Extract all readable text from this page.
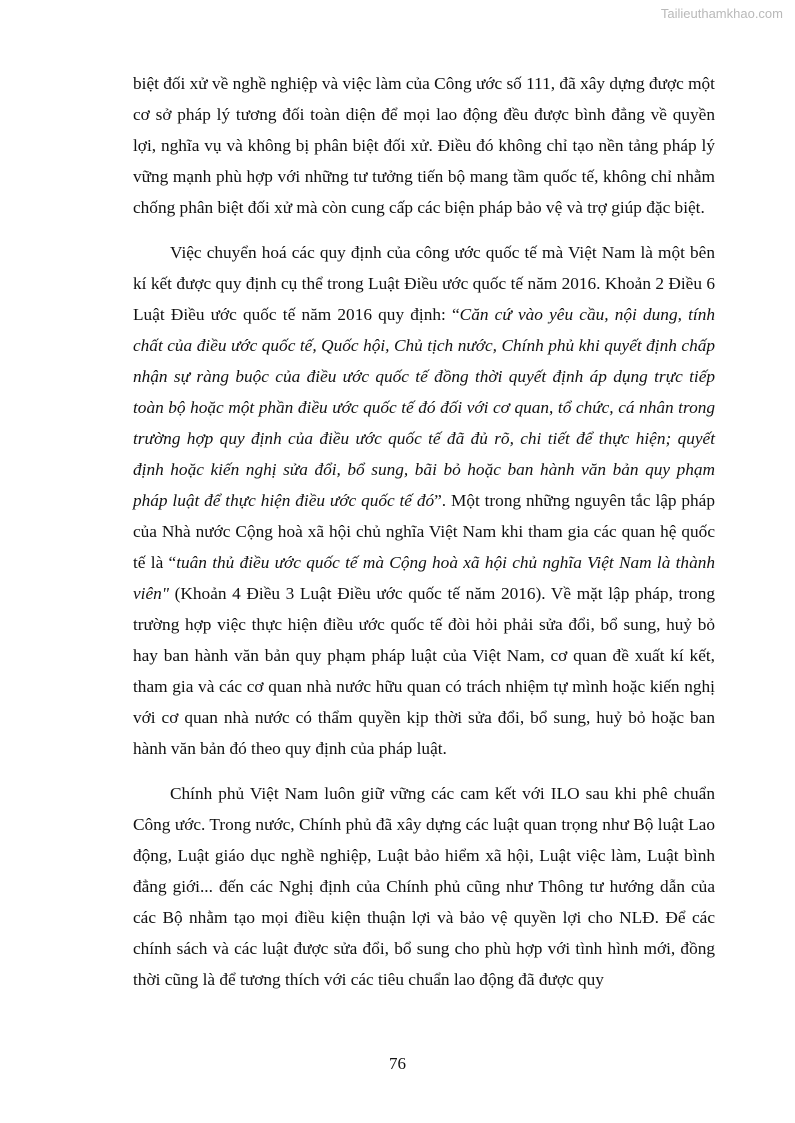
Tailieuthamkhao.com

biệt đối xử về nghề nghiệp và việc làm của Công ước số 111, đã xây dựng được một cơ sở pháp lý tương đối toàn diện để mọi lao động đều được bình đẳng về quyền lợi, nghĩa vụ và không bị phân biệt đối xử. Điều đó không chỉ tạo nền tảng pháp lý vững mạnh phù hợp với những tư tưởng tiến bộ mang tầm quốc tế, không chỉ nhằm chống phân biệt đối xử mà còn cung cấp các biện pháp bảo vệ và trợ giúp đặc biệt.

Việc chuyển hoá các quy định của công ước quốc tế mà Việt Nam là một bên kí kết được quy định cụ thể trong Luật Điều ước quốc tế năm 2016. Khoản 2 Điều 6 Luật Điều ước quốc tế năm 2016 quy định: “Căn cứ vào yêu cầu, nội dung, tính chất của điều ước quốc tế, Quốc hội, Chủ tịch nước, Chính phủ khi quyết định chấp nhận sự ràng buộc của điều ước quốc tế đồng thời quyết định áp dụng trực tiếp toàn bộ hoặc một phần điều ước quốc tế đó đối với cơ quan, tổ chức, cá nhân trong trường hợp quy định của điều ước quốc tế đã đủ rõ, chi tiết để thực hiện; quyết định hoặc kiến nghị sửa đổi, bổ sung, bãi bỏ hoặc ban hành văn bản quy phạm pháp luật để thực hiện điều ước quốc tế đó”. Một trong những nguyên tắc lập pháp của Nhà nước Cộng hoà xã hội chủ nghĩa Việt Nam khi tham gia các quan hệ quốc tế là “tuân thủ điều ước quốc tế mà Cộng hoà xã hội chủ nghĩa Việt Nam là thành viên" (Khoản 4 Điều 3 Luật Điều ước quốc tế năm 2016). Về mặt lập pháp, trong trường hợp việc thực hiện điều ước quốc tế đòi hỏi phải sửa đổi, bổ sung, huỷ bỏ hay ban hành văn bản quy phạm pháp luật của Việt Nam, cơ quan đề xuất kí kết, tham gia và các cơ quan nhà nước hữu quan có trách nhiệm tự mình hoặc kiến nghị với cơ quan nhà nước có thẩm quyền kịp thời sửa đổi, bổ sung, huỷ bỏ hoặc ban hành văn bản đó theo quy định của pháp luật.

Chính phủ Việt Nam luôn giữ vững các cam kết với ILO sau khi phê chuẩn Công ước. Trong nước, Chính phủ đã xây dựng các luật quan trọng như Bộ luật Lao động, Luật giáo dục nghề nghiệp, Luật bảo hiểm xã hội, Luật việc làm, Luật bình đẳng giới... đến các Nghị định của Chính phủ cũng như Thông tư hướng dẫn của các Bộ nhằm tạo mọi điều kiện thuận lợi và bảo vệ quyền lợi cho NLĐ. Để các chính sách và các luật được sửa đổi, bổ sung cho phù hợp với tình hình mới, đồng thời cũng là để tương thích với các tiêu chuẩn lao động đã được quy

76
